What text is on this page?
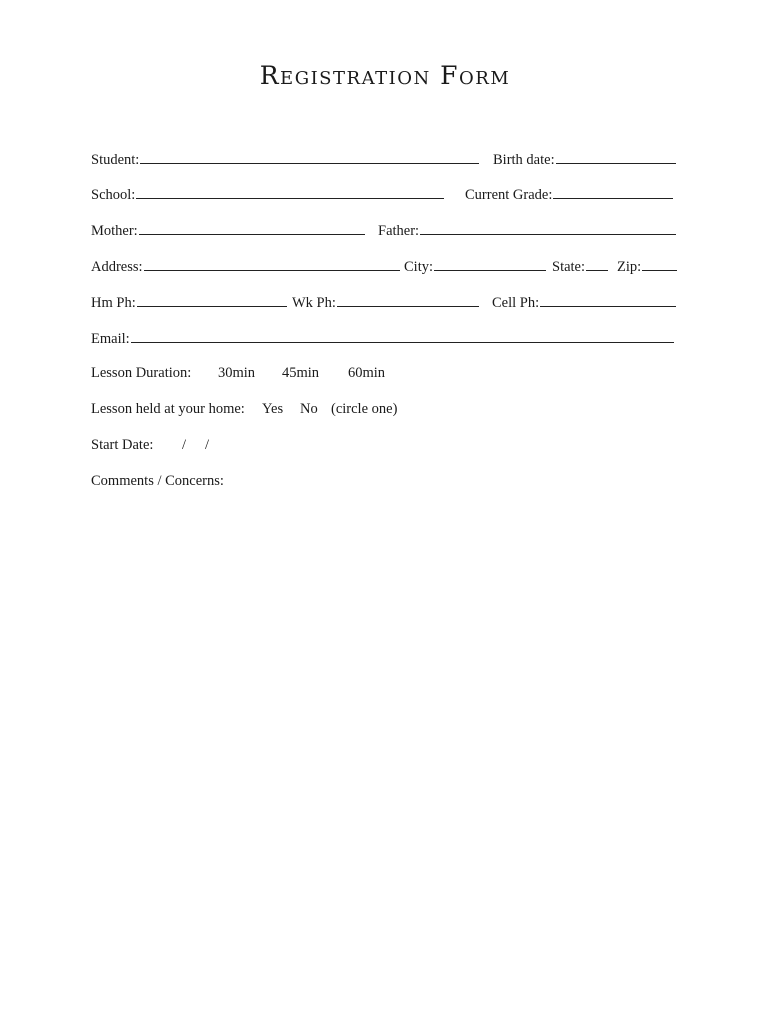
Registration Form
Student:	Birth date:
School:	Current Grade:
Mother:	Father:
Address:	City:	State: Zip:
Hm Ph:	Wk Ph:	Cell Ph:
Email:
Lesson Duration: 30min 45min 60min
Lesson held at your home: Yes No (circle one)
Start Date: / /
Comments / Concerns:
